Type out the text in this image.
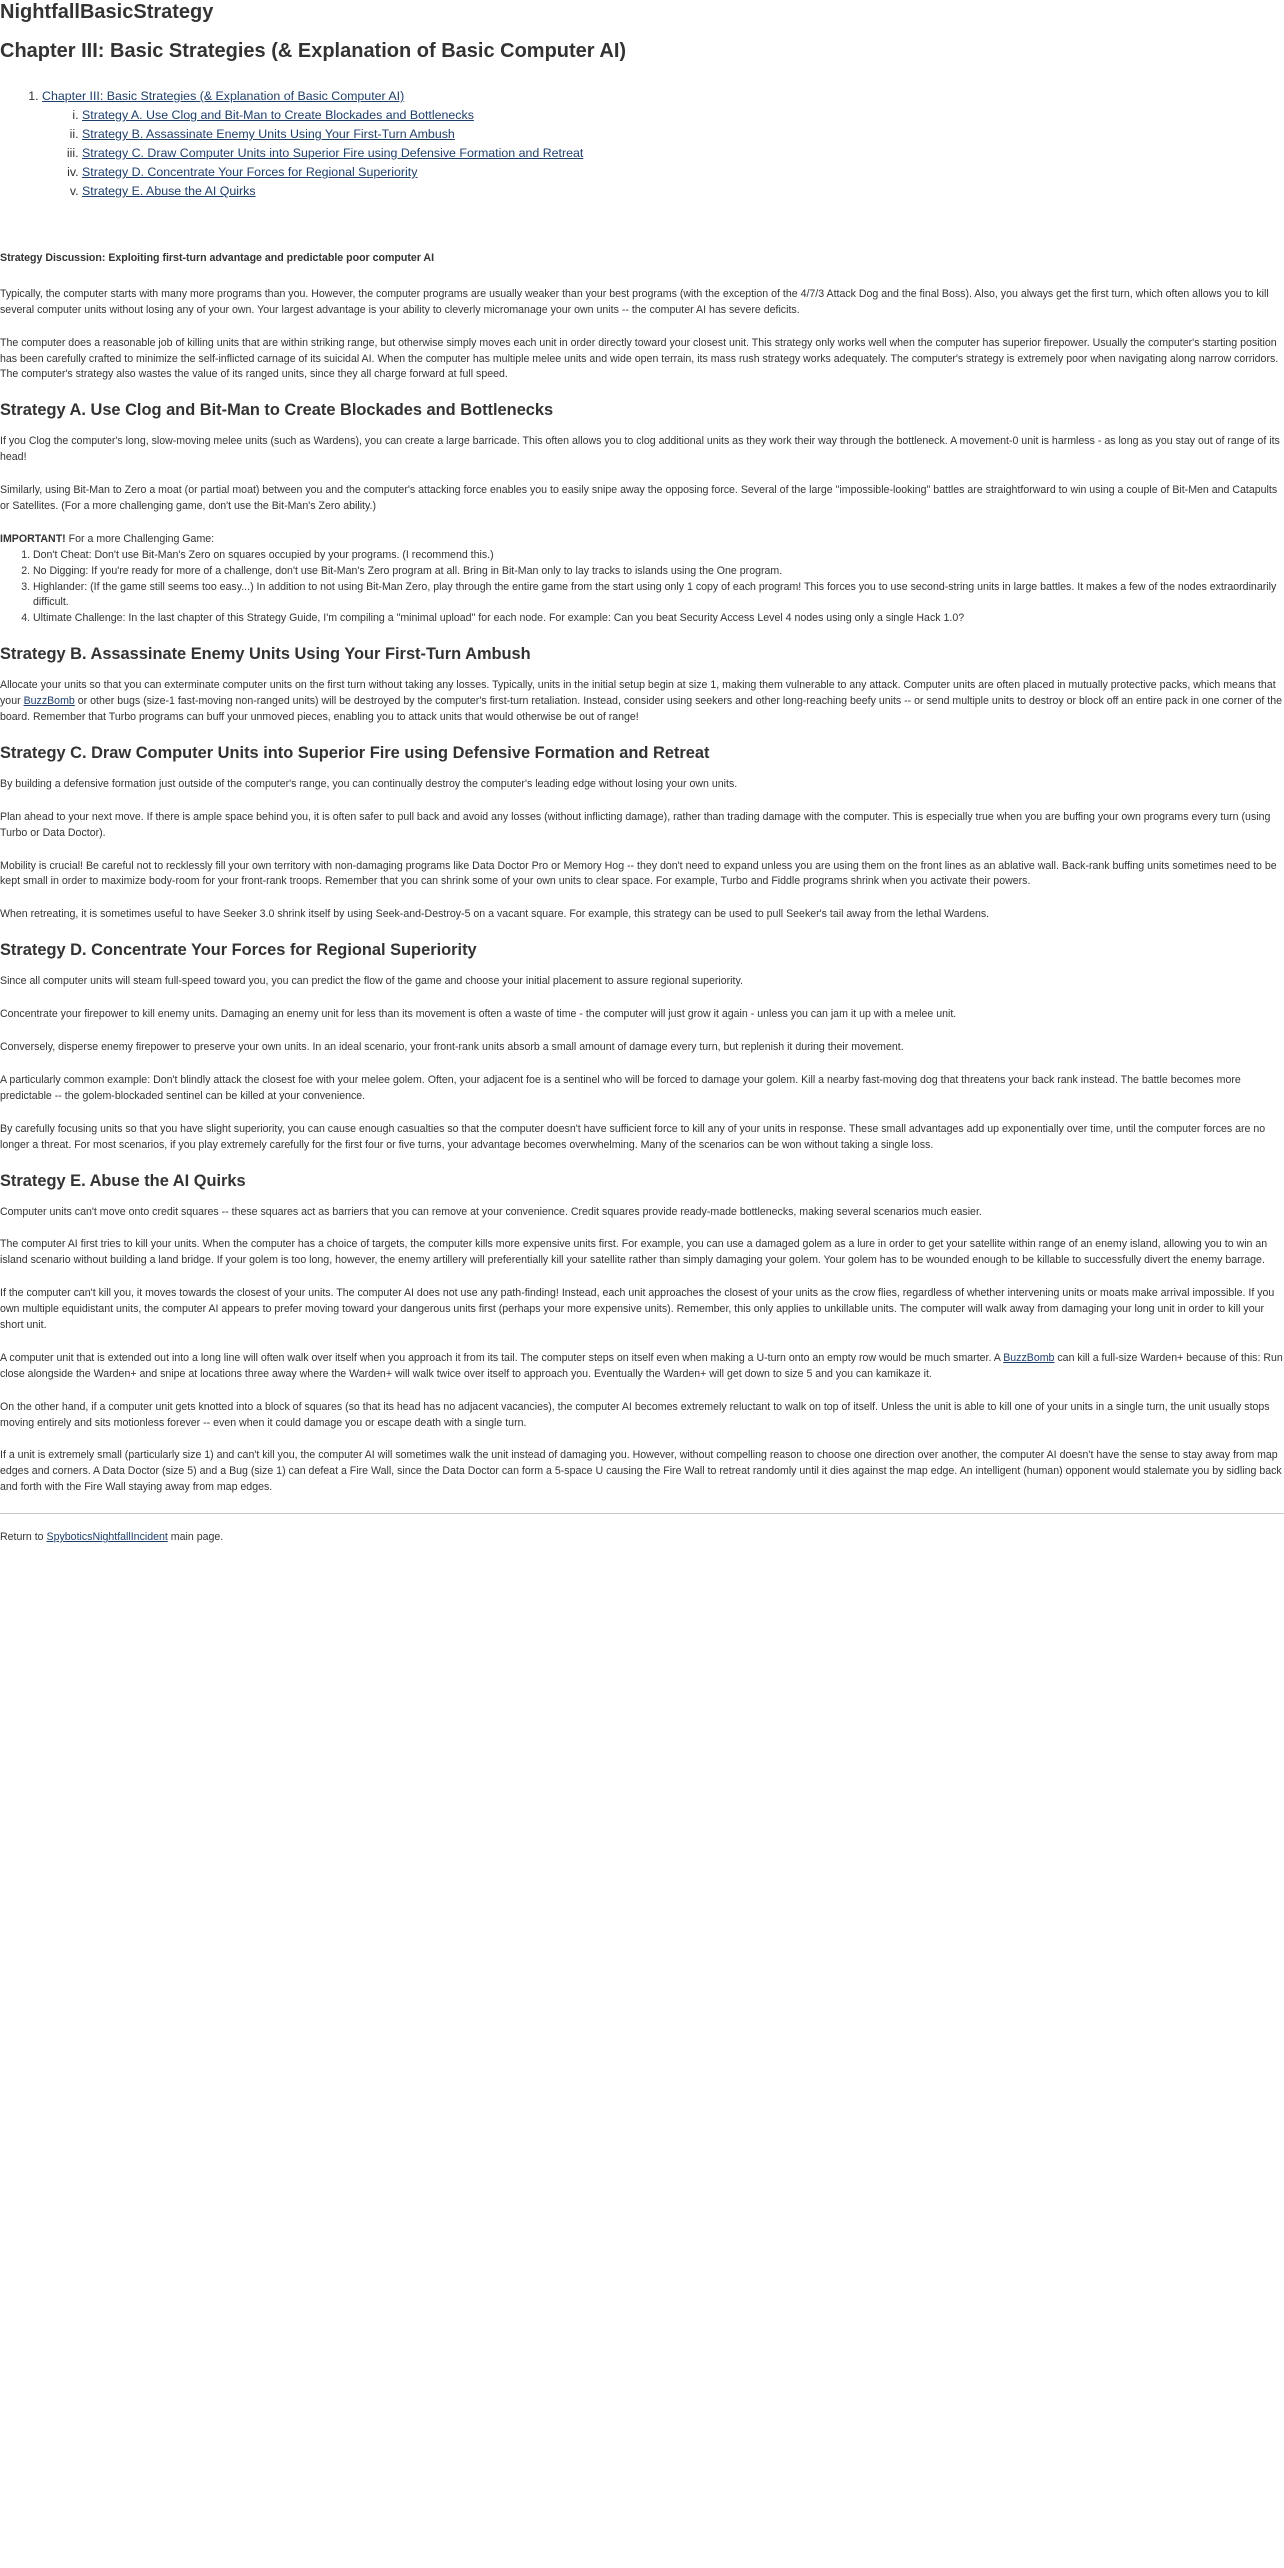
NightfallBasicStrategy
Chapter III: Basic Strategies (& Explanation of Basic Computer AI)
1. Chapter III: Basic Strategies (& Explanation of Basic Computer AI)
i. Strategy A. Use Clog and Bit-Man to Create Blockades and Bottlenecks
ii. Strategy B. Assassinate Enemy Units Using Your First-Turn Ambush
iii. Strategy C. Draw Computer Units into Superior Fire using Defensive Formation and Retreat
iv. Strategy D. Concentrate Your Forces for Regional Superiority
v. Strategy E. Abuse the AI Quirks

Strategy Discussion: Exploiting first-turn advantage and predictable poor computer AI

Typically, the computer starts with many more programs than you. However, the computer programs are usually weaker than your best programs (with the exception of the 4/7/3 Attack Dog and the final Boss). Also, you always get the first turn, which often allows you to kill several computer units without losing any of your own. Your largest advantage is your ability to cleverly micromanage your own units -- the computer AI has severe deficits.

The computer does a reasonable job of killing units that are within striking range, but otherwise simply moves each unit in order directly toward your closest unit. This strategy only works well when the computer has superior firepower. Usually the computer's starting position has been carefully crafted to minimize the self-inflicted carnage of its suicidal AI. When the computer has multiple melee units and wide open terrain, its mass rush strategy works adequately. The computer's strategy is extremely poor when navigating along narrow corridors. The computer's strategy also wastes the value of its ranged units, since they all charge forward at full speed.

Strategy A. Use Clog and Bit-Man to Create Blockades and Bottlenecks

If you Clog the computer's long, slow-moving melee units (such as Wardens), you can create a large barricade. This often allows you to clog additional units as they work their way through the bottleneck. A movement-0 unit is harmless - as long as you stay out of range of its head!

Similarly, using Bit-Man to Zero a moat (or partial moat) between you and the computer's attacking force enables you to easily snipe away the opposing force. Several of the large "impossible-looking" battles are straightforward to win using a couple of Bit-Men and Catapults or Satellites. (For a more challenging game, don't use the Bit-Man's Zero ability.)

IMPORTANT! For a more Challenging Game:
1. Don't Cheat: Don't use Bit-Man's Zero on squares occupied by your programs. (I recommend this.)
2. No Digging: If you're ready for more of a challenge, don't use Bit-Man's Zero program at all. Bring in Bit-Man only to lay tracks to islands using the One program.
3. Highlander: (If the game still seems too easy...) In addition to not using Bit-Man Zero, play through the entire game from the start using only 1 copy of each program! This forces you to use second-string units in large battles. It makes a few of the nodes extraordinarily difficult.
4. Ultimate Challenge: In the last chapter of this Strategy Guide, I'm compiling a "minimal upload" for each node. For example: Can you beat Security Access Level 4 nodes using only a single Hack 1.0?
Strategy B. Assassinate Enemy Units Using Your First-Turn Ambush

Allocate your units so that you can exterminate computer units on the first turn without taking any losses. Typically, units in the initial setup begin at size 1, making them vulnerable to any attack. Computer units are often placed in mutually protective packs, which means that your BuzzBomb or other bugs (size-1 fast-moving non-ranged units) will be destroyed by the computer's first-turn retaliation. Instead, consider using seekers and other long-reaching beefy units -- or send multiple units to destroy or block off an entire pack in one corner of the board. Remember that Turbo programs can buff your unmoved pieces, enabling you to attack units that would otherwise be out of range!

Strategy C. Draw Computer Units into Superior Fire using Defensive Formation and Retreat

By building a defensive formation just outside of the computer's range, you can continually destroy the computer's leading edge without losing your own units.

Plan ahead to your next move. If there is ample space behind you, it is often safer to pull back and avoid any losses (without inflicting damage), rather than trading damage with the computer. This is especially true when you are buffing your own programs every turn (using Turbo or Data Doctor).

Mobility is crucial! Be careful not to recklessly fill your own territory with non-damaging programs like Data Doctor Pro or Memory Hog -- they don't need to expand unless you are using them on the front lines as an ablative wall. Back-rank buffing units sometimes need to be kept small in order to maximize body-room for your front-rank troops. Remember that you can shrink some of your own units to clear space. For example, Turbo and Fiddle programs shrink when you activate their powers.

When retreating, it is sometimes useful to have Seeker 3.0 shrink itself by using Seek-and-Destroy-5 on a vacant square. For example, this strategy can be used to pull Seeker's tail away from the lethal Wardens.

Strategy D. Concentrate Your Forces for Regional Superiority

Since all computer units will steam full-speed toward you, you can predict the flow of the game and choose your initial placement to assure regional superiority.

Concentrate your firepower to kill enemy units. Damaging an enemy unit for less than its movement is often a waste of time - the computer will just grow it again - unless you can jam it up with a melee unit.

Conversely, disperse enemy firepower to preserve your own units. In an ideal scenario, your front-rank units absorb a small amount of damage every turn, but replenish it during their movement.

A particularly common example: Don't blindly attack the closest foe with your melee golem. Often, your adjacent foe is a sentinel who will be forced to damage your golem. Kill a nearby fast-moving dog that threatens your back rank instead. The battle becomes more predictable -- the golem-blockaded sentinel can be killed at your convenience.

By carefully focusing units so that you have slight superiority, you can cause enough casualties so that the computer doesn't have sufficient force to kill any of your units in response. These small advantages add up exponentially over time, until the computer forces are no longer a threat. For most scenarios, if you play extremely carefully for the first four or five turns, your advantage becomes overwhelming. Many of the scenarios can be won without taking a single loss.

Strategy E. Abuse the AI Quirks

Computer units can't move onto credit squares -- these squares act as barriers that you can remove at your convenience. Credit squares provide ready-made bottlenecks, making several scenarios much easier.

The computer AI first tries to kill your units. When the computer has a choice of targets, the computer kills more expensive units first. For example, you can use a damaged golem as a lure in order to get your satellite within range of an enemy island, allowing you to win an island scenario without building a land bridge. If your golem is too long, however, the enemy artillery will preferentially kill your satellite rather than simply damaging your golem. Your golem has to be wounded enough to be killable to successfully divert the enemy barrage.

If the computer can't kill you, it moves towards the closest of your units. The computer AI does not use any path-finding! Instead, each unit approaches the closest of your units as the crow flies, regardless of whether intervening units or moats make arrival impossible. If you own multiple equidistant units, the computer AI appears to prefer moving toward your dangerous units first (perhaps your more expensive units). Remember, this only applies to unkillable units. The computer will walk away from damaging your long unit in order to kill your short unit.

A computer unit that is extended out into a long line will often walk over itself when you approach it from its tail. The computer steps on itself even when making a U-turn onto an empty row would be much smarter. A BuzzBomb can kill a full-size Warden+ because of this: Run close alongside the Warden+ and snipe at locations three away where the Warden+ will walk twice over itself to approach you. Eventually the Warden+ will get down to size 5 and you can kamikaze it.

On the other hand, if a computer unit gets knotted into a block of squares (so that its head has no adjacent vacancies), the computer AI becomes extremely reluctant to walk on top of itself. Unless the unit is able to kill one of your units in a single turn, the unit usually stops moving entirely and sits motionless forever -- even when it could damage you or escape death with a single turn.

If a unit is extremely small (particularly size 1) and can't kill you, the computer AI will sometimes walk the unit instead of damaging you. However, without compelling reason to choose one direction over another, the computer AI doesn't have the sense to stay away from map edges and corners. A Data Doctor (size 5) and a Bug (size 1) can defeat a Fire Wall, since the Data Doctor can form a 5-space U causing the Fire Wall to retreat randomly until it dies against the map edge. An intelligent (human) opponent would stalemate you by sidling back and forth with the Fire Wall staying away from map edges.

Return to SpyboticsNightfallIncident main page.
